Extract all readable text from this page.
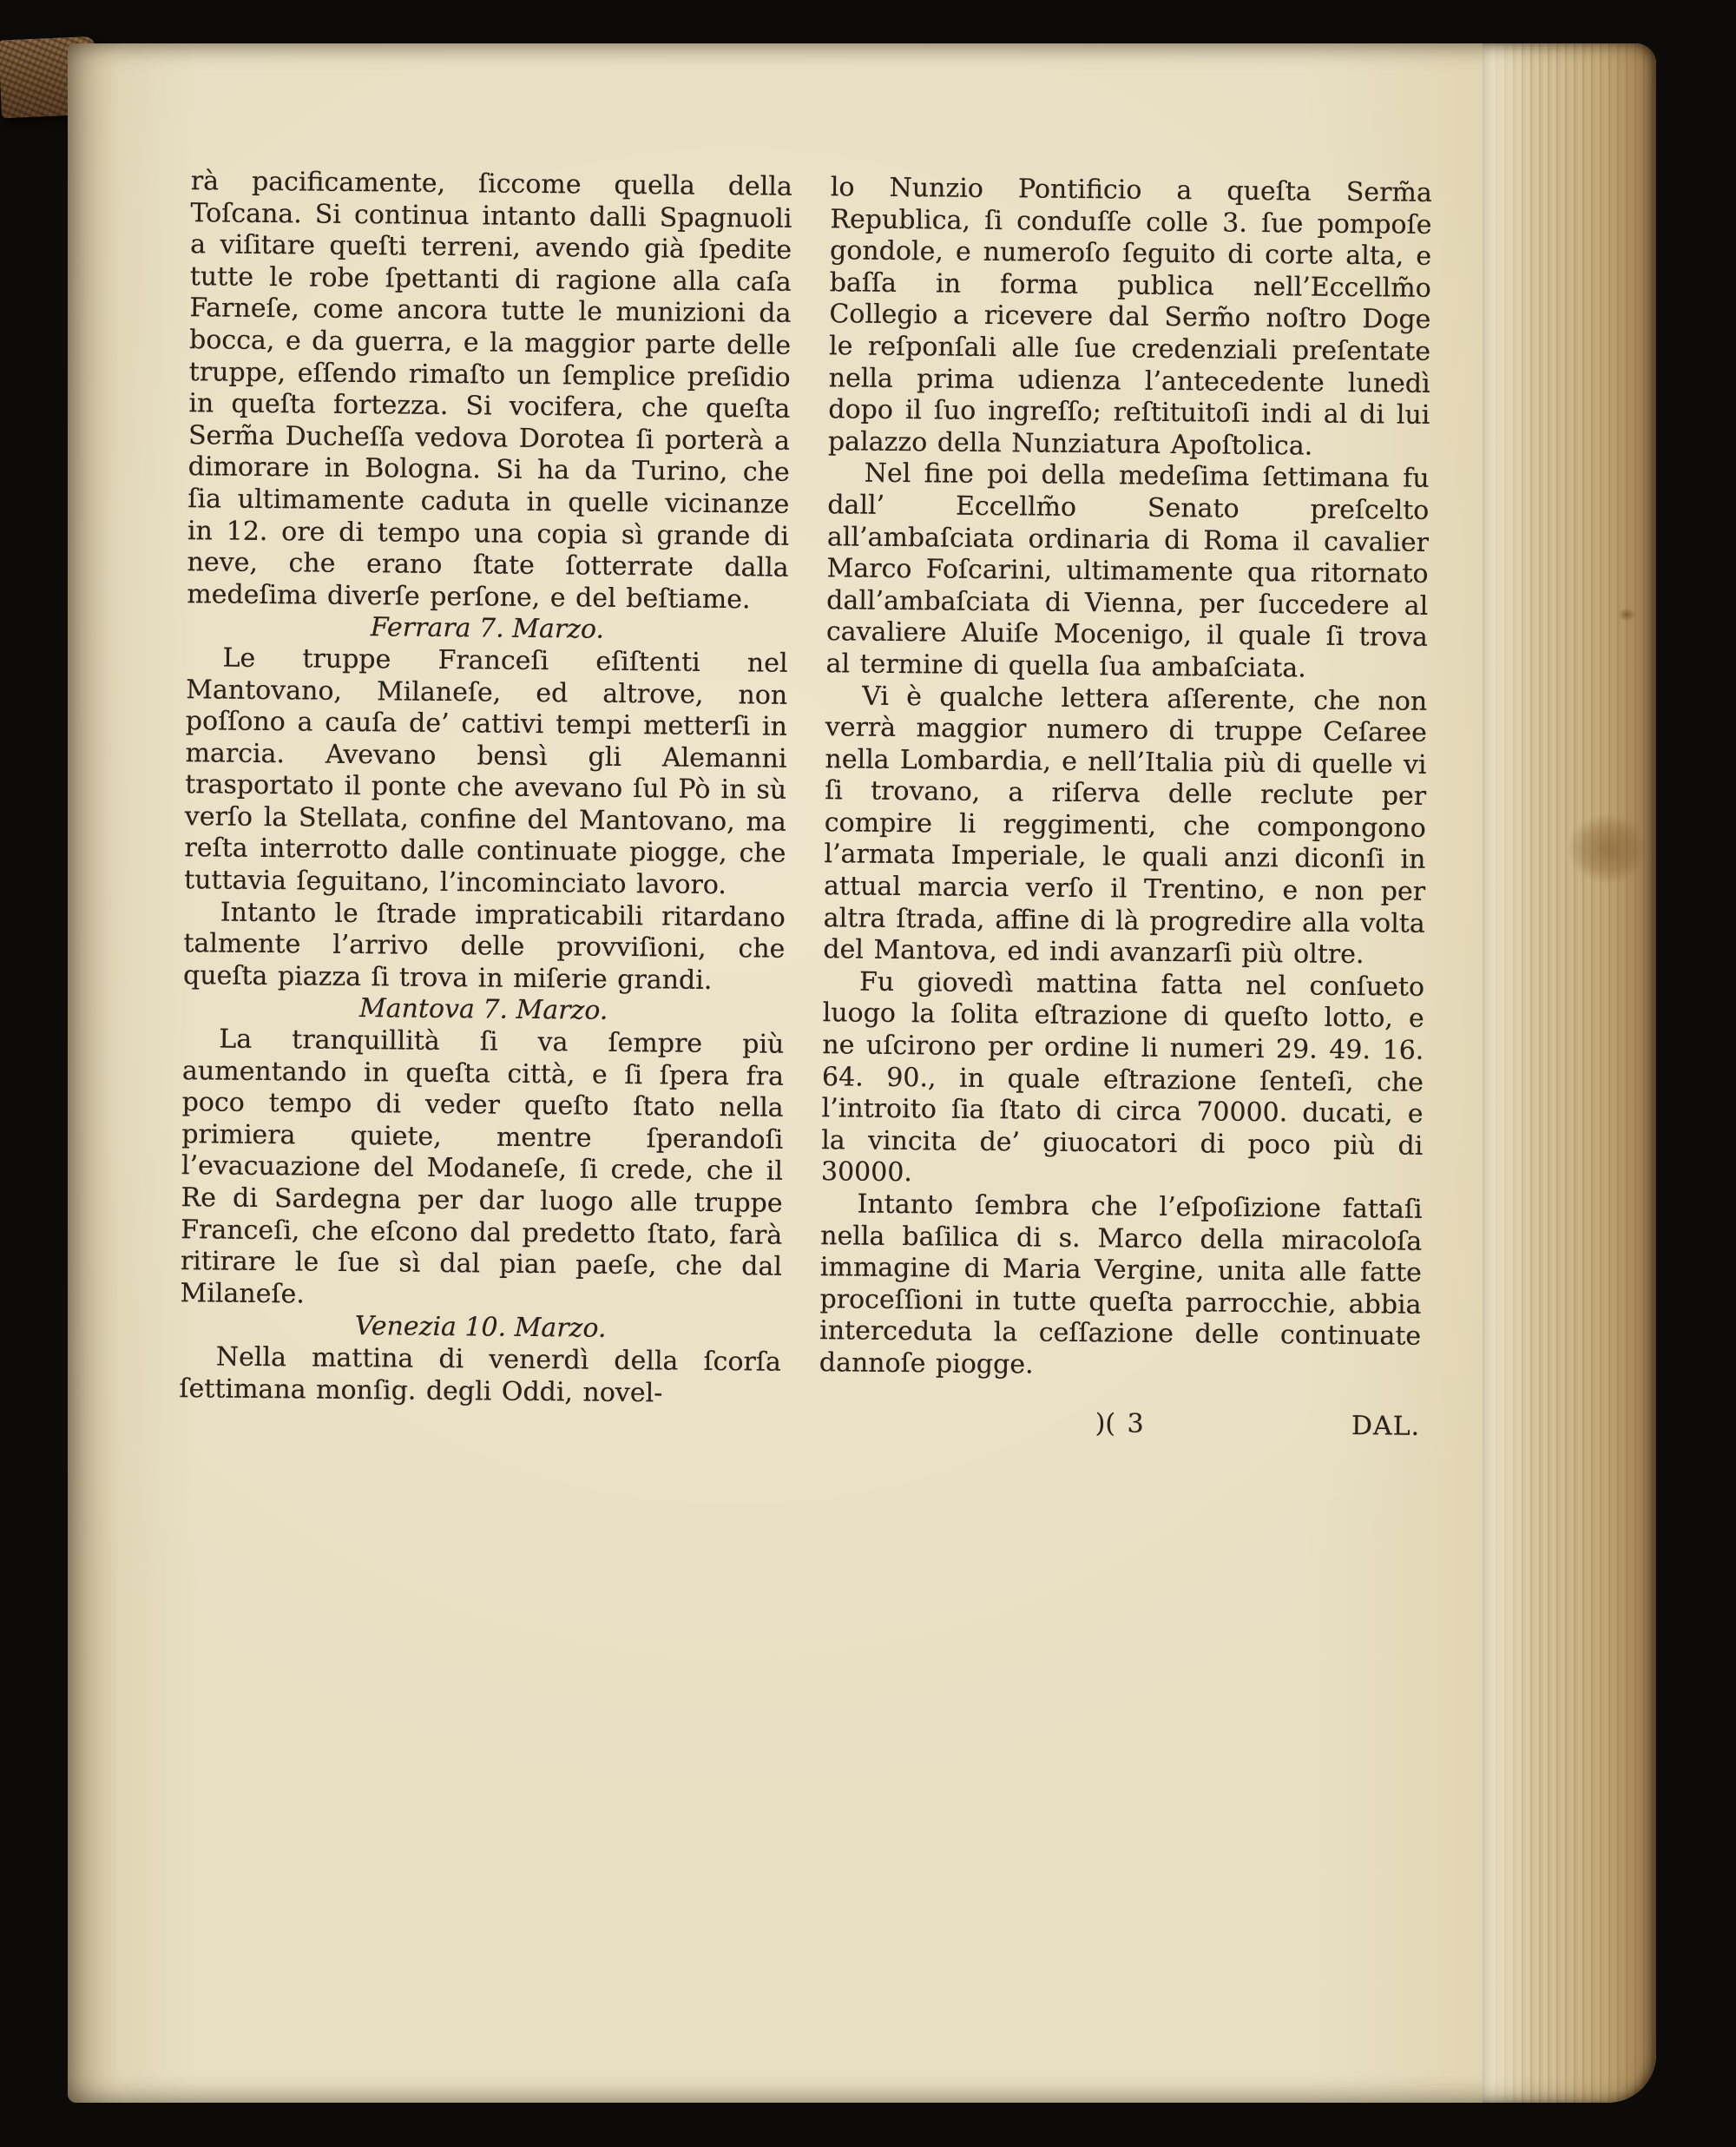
rà pacificamente, ſiccome quella della Toſcana. Si continua intanto dalli Spagnuoli a viſitare queſti terreni, avendo già ſpedite tutte le robe ſpettanti di ragione alla caſa Farneſe, come ancora tutte le munizioni da bocca, e da guerra, e la maggior parte delle truppe, eſſendo rimaſto un ſemplice preſidio in queſta fortezza. Si vocifera, che queſta Serm̃a Ducheſſa vedova Dorotea ſi porterà a dimorare in Bologna. Si ha da Turino, che ſia ultimamente caduta in quelle vicinanze in 12. ore di tempo una copia sì grande di neve, che erano ſtate ſotterrate dalla medeſima diverſe perſone, e del beſtiame.

Ferrara 7. Marzo.

Le truppe Franceſi eſiſtenti nel Mantovano, Milaneſe, ed altrove, non poſſono a cauſa de’ cattivi tempi metterſi in marcia. Avevano bensì gli Alemanni trasportato il ponte che avevano ſul Pò in sù verſo la Stellata, confine del Mantovano, ma reſta interrotto dalle continuate piogge, che tuttavia ſeguitano, l’incominciato lavoro.

Intanto le ſtrade impraticabili ritardano talmente l’arrivo delle provviſioni, che queſta piazza ſi trova in miſerie grandi.

Mantova 7. Marzo.

La tranquillità ſi va ſempre più aumentando in queſta città, e ſi ſpera fra poco tempo di veder queſto ſtato nella primiera quiete, mentre ſperandoſi l’evacuazione del Modaneſe, ſi crede, che il Re di Sardegna per dar luogo alle truppe Franceſi, che eſcono dal predetto ſtato, farà ritirare le ſue sì dal pian paeſe, che dal Milaneſe.

Venezia 10. Marzo.

Nella mattina di venerdì della ſcorſa ſettimana monſig. degli Oddi, novel-

lo Nunzio Pontificio a queſta Serm̃a Republica, ſi conduſſe colle 3. ſue pompoſe gondole, e numeroſo ſeguito di corte alta, e baſſa in forma publica nell’Eccellm̃o Collegio a ricevere dal Serm̃o noſtro Doge le reſponſali alle ſue credenziali preſentate nella prima udienza l’antecedente lunedì dopo il ſuo ingreſſo; reſtituitoſi indi al di lui palazzo della Nunziatura Apoſtolica.

Nel fine poi della medeſima ſettimana fu dall’ Eccellm̃o Senato preſcelto all’ambaſciata ordinaria di Roma il cavalier Marco Foſcarini, ultimamente qua ritornato dall’ambaſciata di Vienna, per ſuccedere al cavaliere Aluiſe Mocenigo, il quale ſi trova al termine di quella ſua ambaſciata.

Vi è qualche lettera aſſerente, che non verrà maggior numero di truppe Ceſaree nella Lombardia, e nell’Italia più di quelle vi ſi trovano, a riſerva delle reclute per compire li reggimenti, che compongono l’armata Imperiale, le quali anzi diconſi in attual marcia verſo il Trentino, e non per altra ſtrada, affine di là progredire alla volta del Mantova, ed indi avanzarſi più oltre.

Fu giovedì mattina fatta nel conſueto luogo la ſolita eſtrazione di queſto lotto, e ne uſcirono per ordine li numeri 29. 49. 16. 64. 90., in quale eſtrazione ſenteſi, che l’introito ſia ſtato di circa 70000. ducati, e la vincita de’ giuocatori di poco più di 30000.

Intanto ſembra che l’eſpoſizione fattaſi nella baſilica di s. Marco della miracoloſa immagine di Maria Vergine, unita alle fatte proceſſioni in tutte queſta parrocchie, abbia interceduta la ceſſazione delle continuate dannoſe piogge.

)( 3	DAL.
